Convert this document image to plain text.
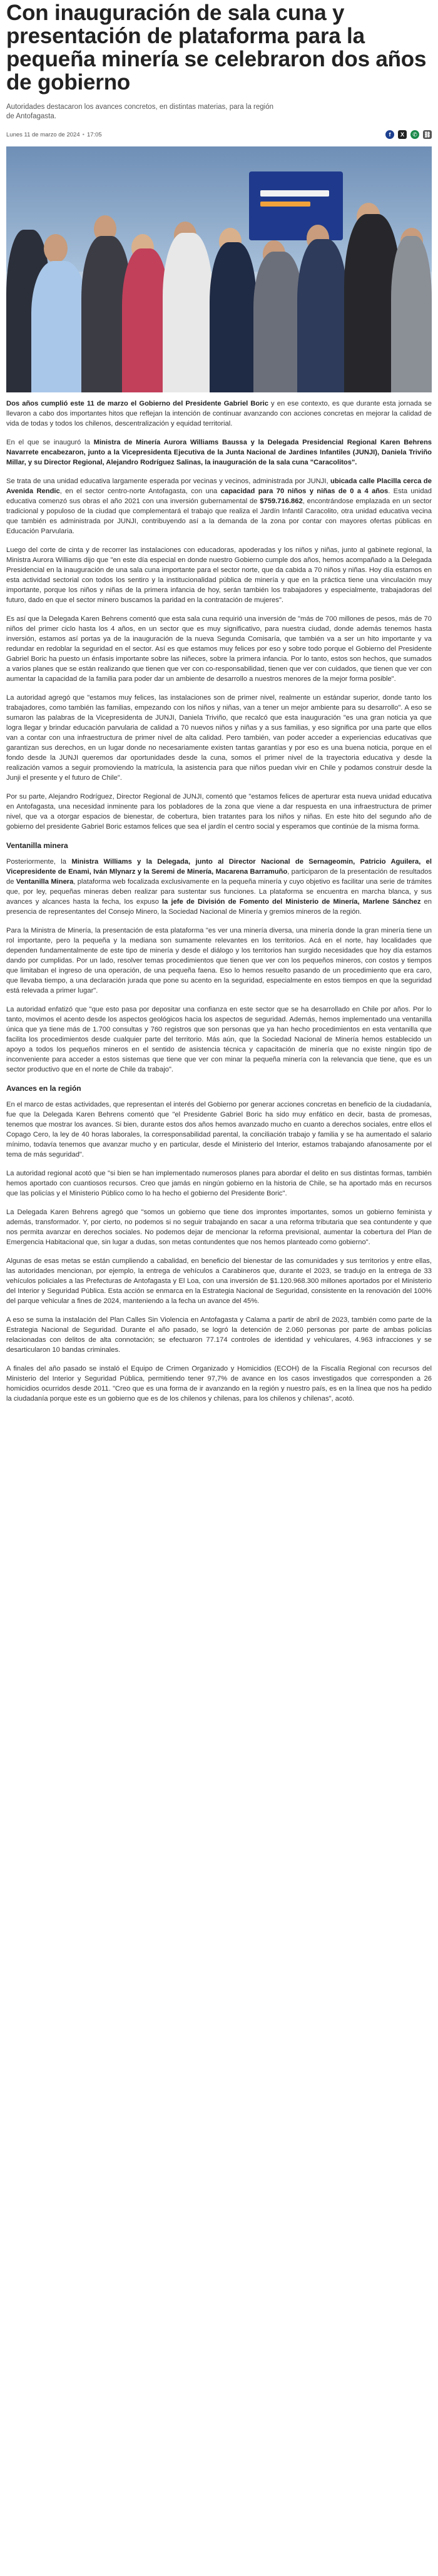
Con inauguración de sala cuna y presentación de plataforma para la pequeña minería se celebraron dos años de gobierno

Autoridades destacaron los avances concretos, en distintas materias, para la región de Antofagasta.

Lunes 11 de marzo de 2024 • 17:05	f	X	✆	⛓

Dos años cumplió este 11 de marzo el Gobierno del Presidente Gabriel Boric y en ese contexto, es que durante esta jornada se llevaron a cabo dos importantes hitos que reflejan la intención de continuar avanzando con acciones concretas en mejorar la calidad de vida de todas y todos los chilenos, descentralización y equidad territorial.

En el que se inauguró la Ministra de Minería Aurora Williams Baussa y la Delegada Presidencial Regional Karen Behrens Navarrete encabezaron, junto a la Vicepresidenta Ejecutiva de la Junta Nacional de Jardines Infantiles (JUNJI), Daniela Triviño Millar, y su Director Regional, Alejandro Rodríguez Salinas, la inauguración de la sala cuna "Caracolitos".

Se trata de una unidad educativa largamente esperada por vecinas y vecinos, administrada por JUNJI, ubicada calle Placilla cerca de Avenida Rendic, en el sector centro-norte Antofagasta, con una capacidad para 70 niños y niñas de 0 a 4 años. Esta unidad educativa comenzó sus obras el año 2021 con una inversión gubernamental de $759.716.862, encontrándose emplazada en un sector tradicional y populoso de la ciudad que complementará el trabajo que realiza el Jardín Infantil Caracolito, otra unidad educativa vecina que también es administrada por JUNJI, contribuyendo así a la demanda de la zona por contar con mayores ofertas públicas en Educación Parvularia.

Luego del corte de cinta y de recorrer las instalaciones con educadoras, apoderadas y los niños y niñas, junto al gabinete regional, la Ministra Aurora Williams dijo que "en este día especial en donde nuestro Gobierno cumple dos años, hemos acompañado a la Delegada Presidencial en la inauguración de una sala cuna importante para el sector norte, que da cabida a 70 niños y niñas. Hoy día estamos en esta actividad sectorial con todos los sentiro y la institucionalidad pública de minería y que en la práctica tiene una vinculación muy importante, porque los niños y niñas de la primera infancia de hoy, serán también los trabajadores y especialmente, trabajadoras del futuro, dado en que el sector minero buscamos la paridad en la contratación de mujeres".

Es así que la Delegada Karen Behrens comentó que esta sala cuna requirió una inversión de "más de 700 millones de pesos, más de 70 niños del primer ciclo hasta los 4 años, en un sector que es muy significativo, para nuestra ciudad, donde además tenemos hasta inversión, estamos así portas ya de la inauguración de la nueva Segunda Comisaría, que también va a ser un hito importante y va redundar en redoblar la seguridad en el sector. Así es que estamos muy felices por eso y sobre todo porque el Gobierno del Presidente Gabriel Boric ha puesto un énfasis importante sobre las niñeces, sobre la primera infancia. Por lo tanto, estos son hechos, que sumados a varios planes que se están realizando que tienen que ver con co-responsabilidad, tienen que ver con cuidados, que tienen que ver con aumentar la capacidad de la familia para poder dar un ambiente de desarrollo a nuestros menores de la mejor forma posible".

La autoridad agregó que "estamos muy felices, las instalaciones son de primer nivel, realmente un estándar superior, donde tanto los trabajadores, como también las familias, empezando con los niños y niñas, van a tener un mejor ambiente para su desarrollo". A eso se sumaron las palabras de la Vicepresidenta de JUNJI, Daniela Triviño, que recalcó que esta inauguración "es una gran noticia ya que logra llegar y brindar educación parvularia de calidad a 70 nuevos niños y niñas y a sus familias, y eso significa por una parte que ellos van a contar con una infraestructura de primer nivel de alta calidad. Pero también, van poder acceder a experiencias educativas que garantizan sus derechos, en un lugar donde no necesariamente existen tantas garantías y por eso es una buena noticia, porque en el fondo desde la JUNJI queremos dar oportunidades desde la cuna, somos el primer nivel de la trayectoria educativa y desde la realización vamos a seguir promoviendo la matrícula, la asistencia para que niños puedan vivir en Chile y podamos construir desde la Junji el presente y el futuro de Chile".

Por su parte, Alejandro Rodríguez, Director Regional de JUNJI, comentó que "estamos felices de aperturar esta nueva unidad educativa en Antofagasta, una necesidad inminente para los pobladores de la zona que viene a dar respuesta en una infraestructura de primer nivel, que va a otorgar espacios de bienestar, de cobertura, bien tratantes para los niños y niñas. En este hito del segundo año de gobierno del presidente Gabriel Boric estamos felices que sea el jardín el centro social y esperamos que continúe de la misma forma.

Ventanilla minera

Posteriormente, la Ministra Williams y la Delegada, junto al Director Nacional de Sernageomin, Patricio Aguilera, el Vicepresidente de Enami, Iván Mlynarz y la Seremi de Minería, Macarena Barramuño, participaron de la presentación de resultados de Ventanilla Minera, plataforma web focalizada exclusivamente en la pequeña minería y cuyo objetivo es facilitar una serie de trámites que, por ley, pequeñas mineras deben realizar para sustentar sus funciones. La plataforma se encuentra en marcha blanca, y sus avances y alcances hasta la fecha, los expuso la jefe de División de Fomento del Ministerio de Minería, Marlene Sánchez en presencia de representantes del Consejo Minero, la Sociedad Nacional de Minería y gremios mineros de la región.

Para la Ministra de Minería, la presentación de esta plataforma "es ver una minería diversa, una minería donde la gran minería tiene un rol importante, pero la pequeña y la mediana son sumamente relevantes en los territorios. Acá en el norte, hay localidades que dependen fundamentalmente de este tipo de minería y desde el diálogo y los territorios han surgido necesidades que hoy día estamos dando por cumplidas. Por un lado, resolver temas procedimientos que tienen que ver con los pequeños mineros, con costos y tiempos que limitaban el ingreso de una operación, de una pequeña faena. Eso lo hemos resuelto pasando de un procedimiento que era caro, que llevaba tiempo, a una declaración jurada que pone su acento en la seguridad, especialmente en estos tiempos en que la seguridad está relevada a primer lugar".

La autoridad enfatizó que "que esto pasa por depositar una confianza en este sector que se ha desarrollado en Chile por años. Por lo tanto, movimos el acento desde los aspectos geológicos hacia los aspectos de seguridad. Además, hemos implementado una ventanilla única que ya tiene más de 1.700 consultas y 760 registros que son personas que ya han hecho procedimientos en esta ventanilla que facilita los procedimientos desde cualquier parte del territorio. Más aún, que la Sociedad Nacional de Minería hemos establecido un apoyo a todos los pequeños mineros en el sentido de asistencia técnica y capacitación de minería que no existe ningún tipo de inconveniente para acceder a estos sistemas que tiene que ver con minar la pequeña minería con la relevancia que tiene, que es un sector productivo que en el norte de Chile da trabajo".

Avances en la región

En el marco de estas actividades, que representan el interés del Gobierno por generar acciones concretas en beneficio de la ciudadanía, fue que la Delegada Karen Behrens comentó que "el Presidente Gabriel Boric ha sido muy enfático en decir, basta de promesas, tenemos que mostrar los avances. Si bien, durante estos dos años hemos avanzado mucho en cuanto a derechos sociales, entre ellos el Copago Cero, la ley de 40 horas laborales, la corresponsabilidad parental, la conciliación trabajo y familia y se ha aumentado el salario mínimo, todavía tenemos que avanzar mucho y en particular, desde el Ministerio del Interior, estamos trabajando afanosamente por el tema de más seguridad".

La autoridad regional acotó que "si bien se han implementado numerosos planes para abordar el delito en sus distintas formas, también hemos aportado con cuantiosos recursos. Creo que jamás en ningún gobierno en la historia de Chile, se ha aportado más en recursos que las policías y el Ministerio Público como lo ha hecho el gobierno del Presidente Boric".

La Delegada Karen Behrens agregó que "somos un gobierno que tiene dos improntes importantes, somos un gobierno feminista y además, transformador. Y, por cierto, no podemos si no seguir trabajando en sacar a una reforma tributaria que sea contundente y que nos permita avanzar en derechos sociales. No podemos dejar de mencionar la reforma previsional, aumentar la cobertura del Plan de Emergencia Habitacional que, sin lugar a dudas, son metas contundentes que nos hemos planteado como gobierno".

Algunas de esas metas se están cumpliendo a cabalidad, en beneficio del bienestar de las comunidades y sus territorios y entre ellas, las autoridades mencionan, por ejemplo, la entrega de vehículos a Carabineros que, durante el 2023, se tradujo en la entrega de 33 vehículos policiales a las Prefecturas de Antofagasta y El Loa, con una inversión de $1.120.968.300 millones aportados por el Ministerio del Interior y Seguridad Pública. Esta acción se enmarca en la Estrategia Nacional de Seguridad, consistente en la renovación del 100% del parque vehicular a fines de 2024, manteniendo a la fecha un avance del 45%.

A eso se suma la instalación del Plan Calles Sin Violencia en Antofagasta y Calama a partir de abril de 2023, también como parte de la Estrategia Nacional de Seguridad. Durante el año pasado, se logró la detención de 2.060 personas por parte de ambas policías relacionadas con delitos de alta connotación; se efectuaron 77.174 controles de identidad y vehiculares, 4.963 infracciones y se desarticularon 10 bandas criminales.

A finales del año pasado se instaló el Equipo de Crimen Organizado y Homicidios (ECOH) de la Fiscalía Regional con recursos del Ministerio del Interior y Seguridad Pública, permitiendo tener 97,7% de avance en los casos investigados que corresponden a 26 homicidios ocurridos desde 2011. "Creo que es una forma de ir avanzando en la región y nuestro país, es en la línea que nos ha pedido la ciudadanía porque este es un gobierno que es de los chilenos y chilenas, para los chilenos y chilenas", acotó.
